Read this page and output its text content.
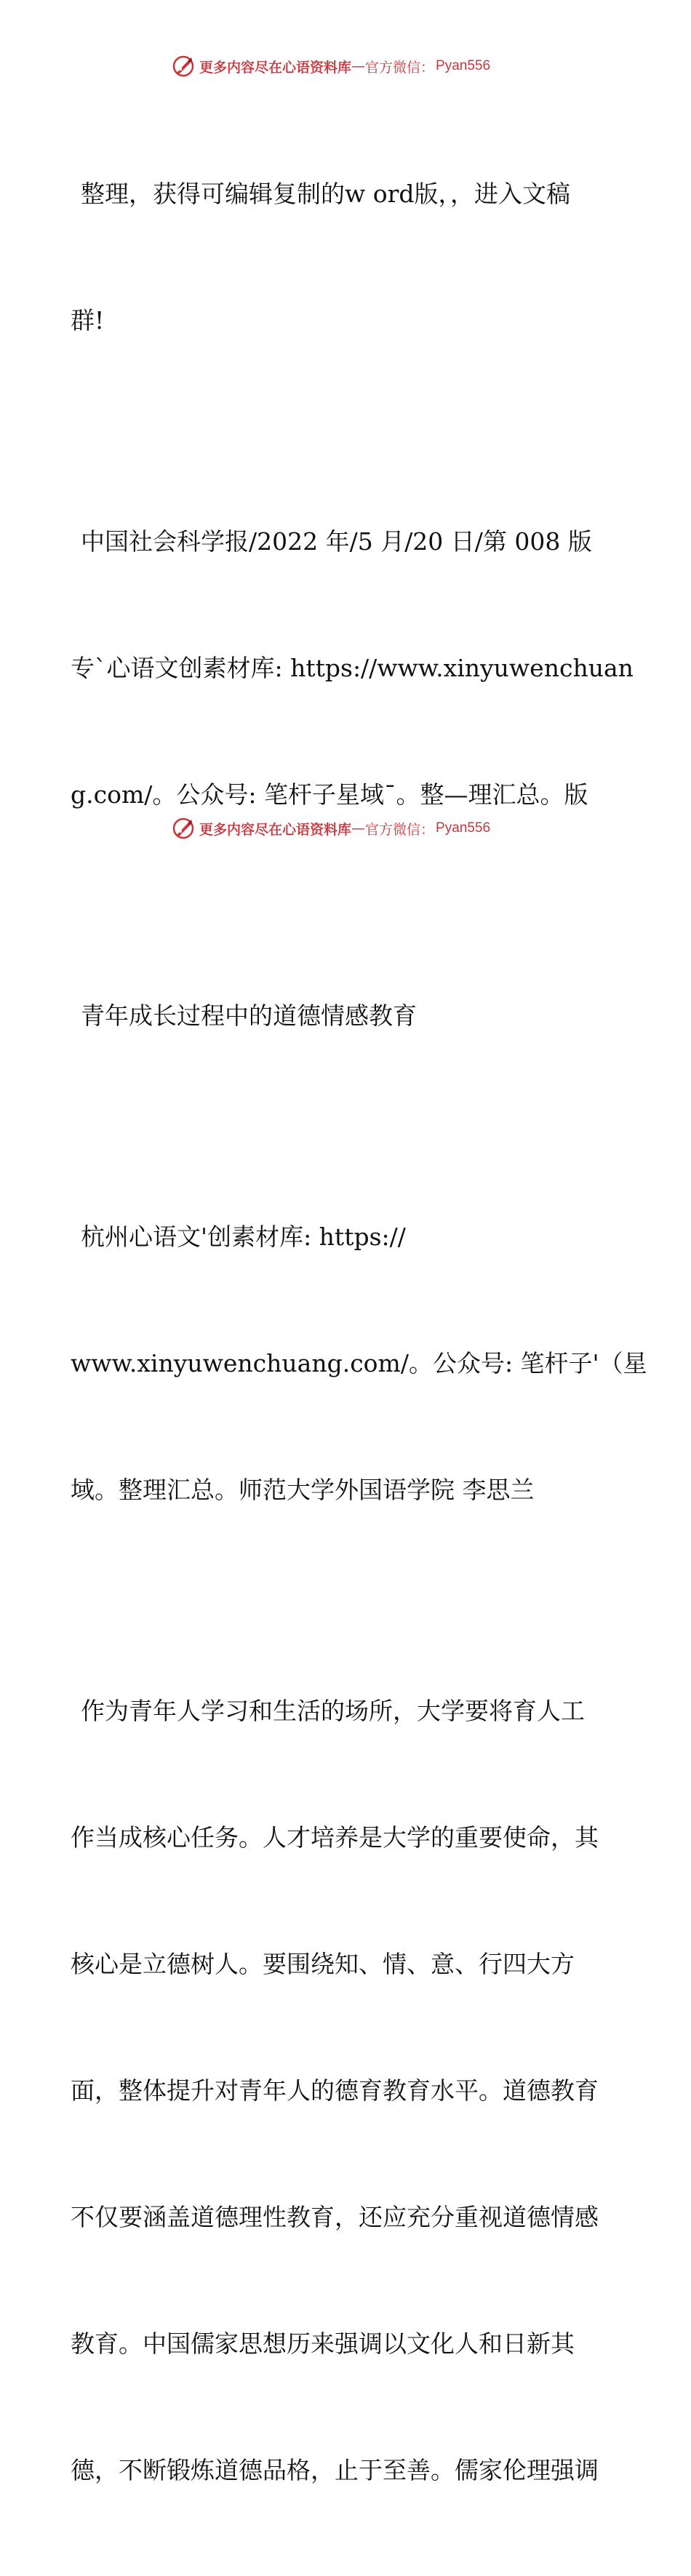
更多内容尽在心语资料库 — 官方微信： Pyan556

整理，获得可编辑复制的w ord版，，进入文稿

群!

中国社会科学报/2022 年/5 月/20 日/第 008 版

专`心语文创素材库: https://www.xinyuwenchuan

g.com/。公众号: 笔杆子星域¯。整—理汇总。版

青年成长过程中的道德情感教育

杭州心语文'创素材库: https://

www.xinyuwenchuang.com/。公众号: 笔杆子'（星

域。整理汇总。师范大学外国语学院 李思兰

作为青年人学习和生活的场所，大学要将育人工

作当成核心任务。人才培养是大学的重要使命，其

核心是立德树人。要围绕知、情、意、行四大方

面，整体提升对青年人的德育教育水平。道德教育

不仅要涵盖道德理性教育，还应充分重视道德情感

教育。中国儒家思想历来强调以文化人和日新其

德，不断锻炼道德品格，止于至善。儒家伦理强调

更多内容尽在心语资料库 — 官方微信： Pyan556
